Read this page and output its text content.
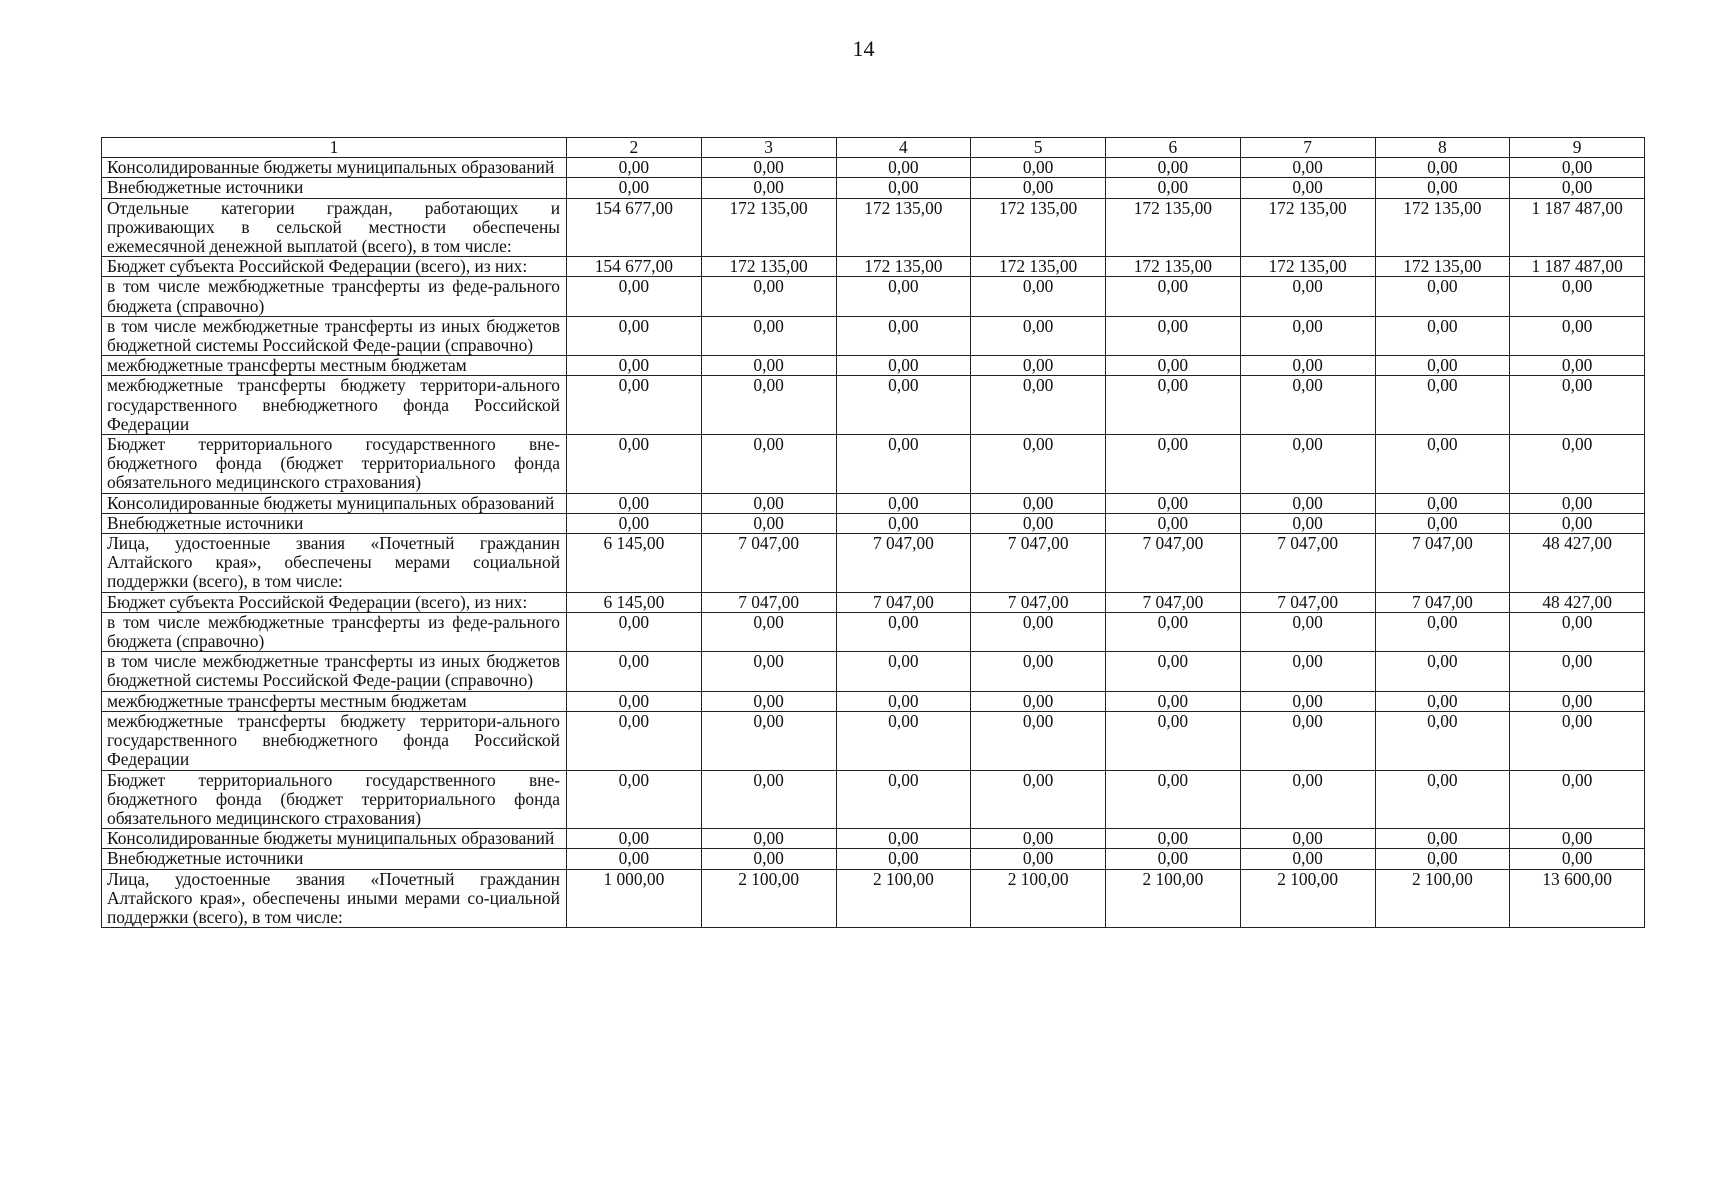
14
1	2	3	4	5	6	7	8	9
Консолидированные бюджеты муниципальных образований	0,00	0,00	0,00	0,00	0,00	0,00	0,00	0,00
Внебюджетные источники	0,00	0,00	0,00	0,00	0,00	0,00	0,00	0,00
Отдельные категории граждан, работающих и проживающих в сельской местности обеспечены ежемесячной денежной выплатой (всего), в том числе:	154 677,00	172 135,00	172 135,00	172 135,00	172 135,00	172 135,00	172 135,00	1 187 487,00
Бюджет субъекта Российской Федерации (всего), из них:	154 677,00	172 135,00	172 135,00	172 135,00	172 135,00	172 135,00	172 135,00	1 187 487,00
в том числе межбюджетные трансферты из феде-рального бюджета (справочно)	0,00	0,00	0,00	0,00	0,00	0,00	0,00	0,00
в том числе межбюджетные трансферты из иных бюджетов бюджетной системы Российской Феде-рации (справочно)	0,00	0,00	0,00	0,00	0,00	0,00	0,00	0,00
межбюджетные трансферты местным бюджетам	0,00	0,00	0,00	0,00	0,00	0,00	0,00	0,00
межбюджетные трансферты бюджету территори-ального государственного внебюджетного фонда Российской Федерации	0,00	0,00	0,00	0,00	0,00	0,00	0,00	0,00
Бюджет территориального государственного вне-бюджетного фонда (бюджет территориального фонда обязательного медицинского страхования)	0,00	0,00	0,00	0,00	0,00	0,00	0,00	0,00
Консолидированные бюджеты муниципальных образований	0,00	0,00	0,00	0,00	0,00	0,00	0,00	0,00
Внебюджетные источники	0,00	0,00	0,00	0,00	0,00	0,00	0,00	0,00
Лица, удостоенные звания «Почетный гражданин Алтайского края», обеспечены мерами социальной поддержки (всего), в том числе:	6 145,00	7 047,00	7 047,00	7 047,00	7 047,00	7 047,00	7 047,00	48 427,00
Бюджет субъекта Российской Федерации (всего), из них:	6 145,00	7 047,00	7 047,00	7 047,00	7 047,00	7 047,00	7 047,00	48 427,00
в том числе межбюджетные трансферты из феде-рального бюджета (справочно)	0,00	0,00	0,00	0,00	0,00	0,00	0,00	0,00
в том числе межбюджетные трансферты из иных бюджетов бюджетной системы Российской Феде-рации (справочно)	0,00	0,00	0,00	0,00	0,00	0,00	0,00	0,00
межбюджетные трансферты местным бюджетам	0,00	0,00	0,00	0,00	0,00	0,00	0,00	0,00
межбюджетные трансферты бюджету территори-ального государственного внебюджетного фонда Российской Федерации	0,00	0,00	0,00	0,00	0,00	0,00	0,00	0,00
Бюджет территориального государственного вне-бюджетного фонда (бюджет территориального фонда обязательного медицинского страхования)	0,00	0,00	0,00	0,00	0,00	0,00	0,00	0,00
Консолидированные бюджеты муниципальных образований	0,00	0,00	0,00	0,00	0,00	0,00	0,00	0,00
Внебюджетные источники	0,00	0,00	0,00	0,00	0,00	0,00	0,00	0,00
Лица, удостоенные звания «Почетный гражданин Алтайского края», обеспечены иными мерами со-циальной поддержки (всего), в том числе:	1 000,00	2 100,00	2 100,00	2 100,00	2 100,00	2 100,00	2 100,00	13 600,00
